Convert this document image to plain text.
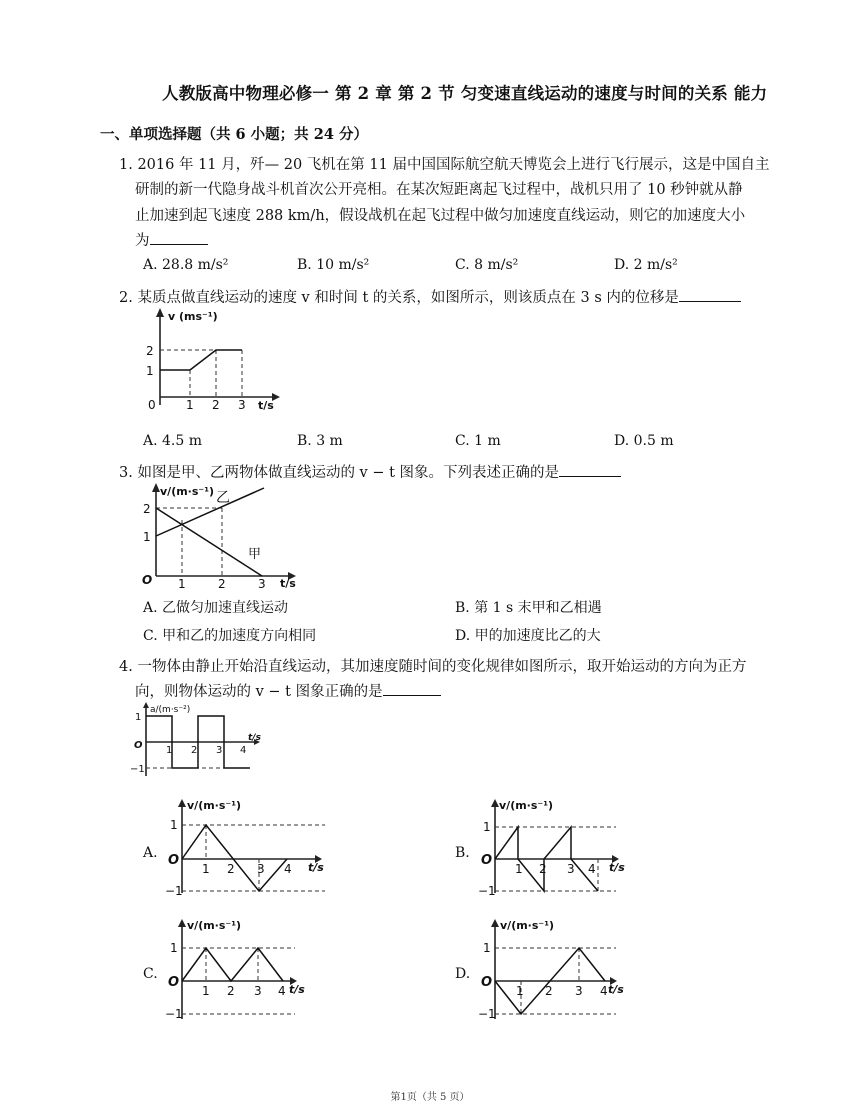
人教版高中物理必修一 第 2 章 第 2 节 匀变速直线运动的速度与时间的关系 能力
一、单项选择题（共 6 小题；共 24 分）
1. 2016 年 11 月，歼— 20 飞机在第 11 届中国国际航空航天博览会上进行飞行展示，这是中国自主
研制的新一代隐身战斗机首次公开亮相。在某次短距离起飞过程中，战机只用了 10 秒钟就从静
止加速到起飞速度 288 km/h，假设战机在起飞过程中做匀加速度直线运动，则它的加速度大小
为
A. 28.8 m/s²	B. 10 m/s²	C. 8 m/s²	D. 2 m/s²
2. 某质点做直线运动的速度 v 和时间 t 的关系，如图所示，则该质点在 3 s 内的位移是
v (ms⁻¹)
t/s
2
1
0	1 2 3
A. 4.5 m	B. 3 m	C. 1 m	D. 0.5 m
3. 如图是甲、乙两物体做直线运动的 v − t 图象。下列表述正确的是
v/(m·s⁻¹) 乙
甲
t/s
2
1
O 1	2	3
A. 乙做匀加速直线运动	B. 第 1 s 末甲和乙相遇
C. 甲和乙的加速度方向相同	D. 甲的加速度比乙的大
4. 一物体由静止开始沿直线运动，其加速度随时间的变化规律如图所示，取开始运动的方向为正方
向，则物体运动的 v − t 图象正确的是
a/(m·s⁻²)
t/s
1
−1
O 1 2 3 4
A.
v/(m·s⁻¹)
t/s
1
−1
O
1 2 3 4
B.
v/(m·s⁻¹)
t/s
1
−1
O
1 2 3 4
C.
v/(m·s⁻¹)
t/s
1
−1
O
1 2 3 4
D.
v/(m·s⁻¹)
t/s
1
−1
O
1 2 3 4
第1页（共 5 页）
